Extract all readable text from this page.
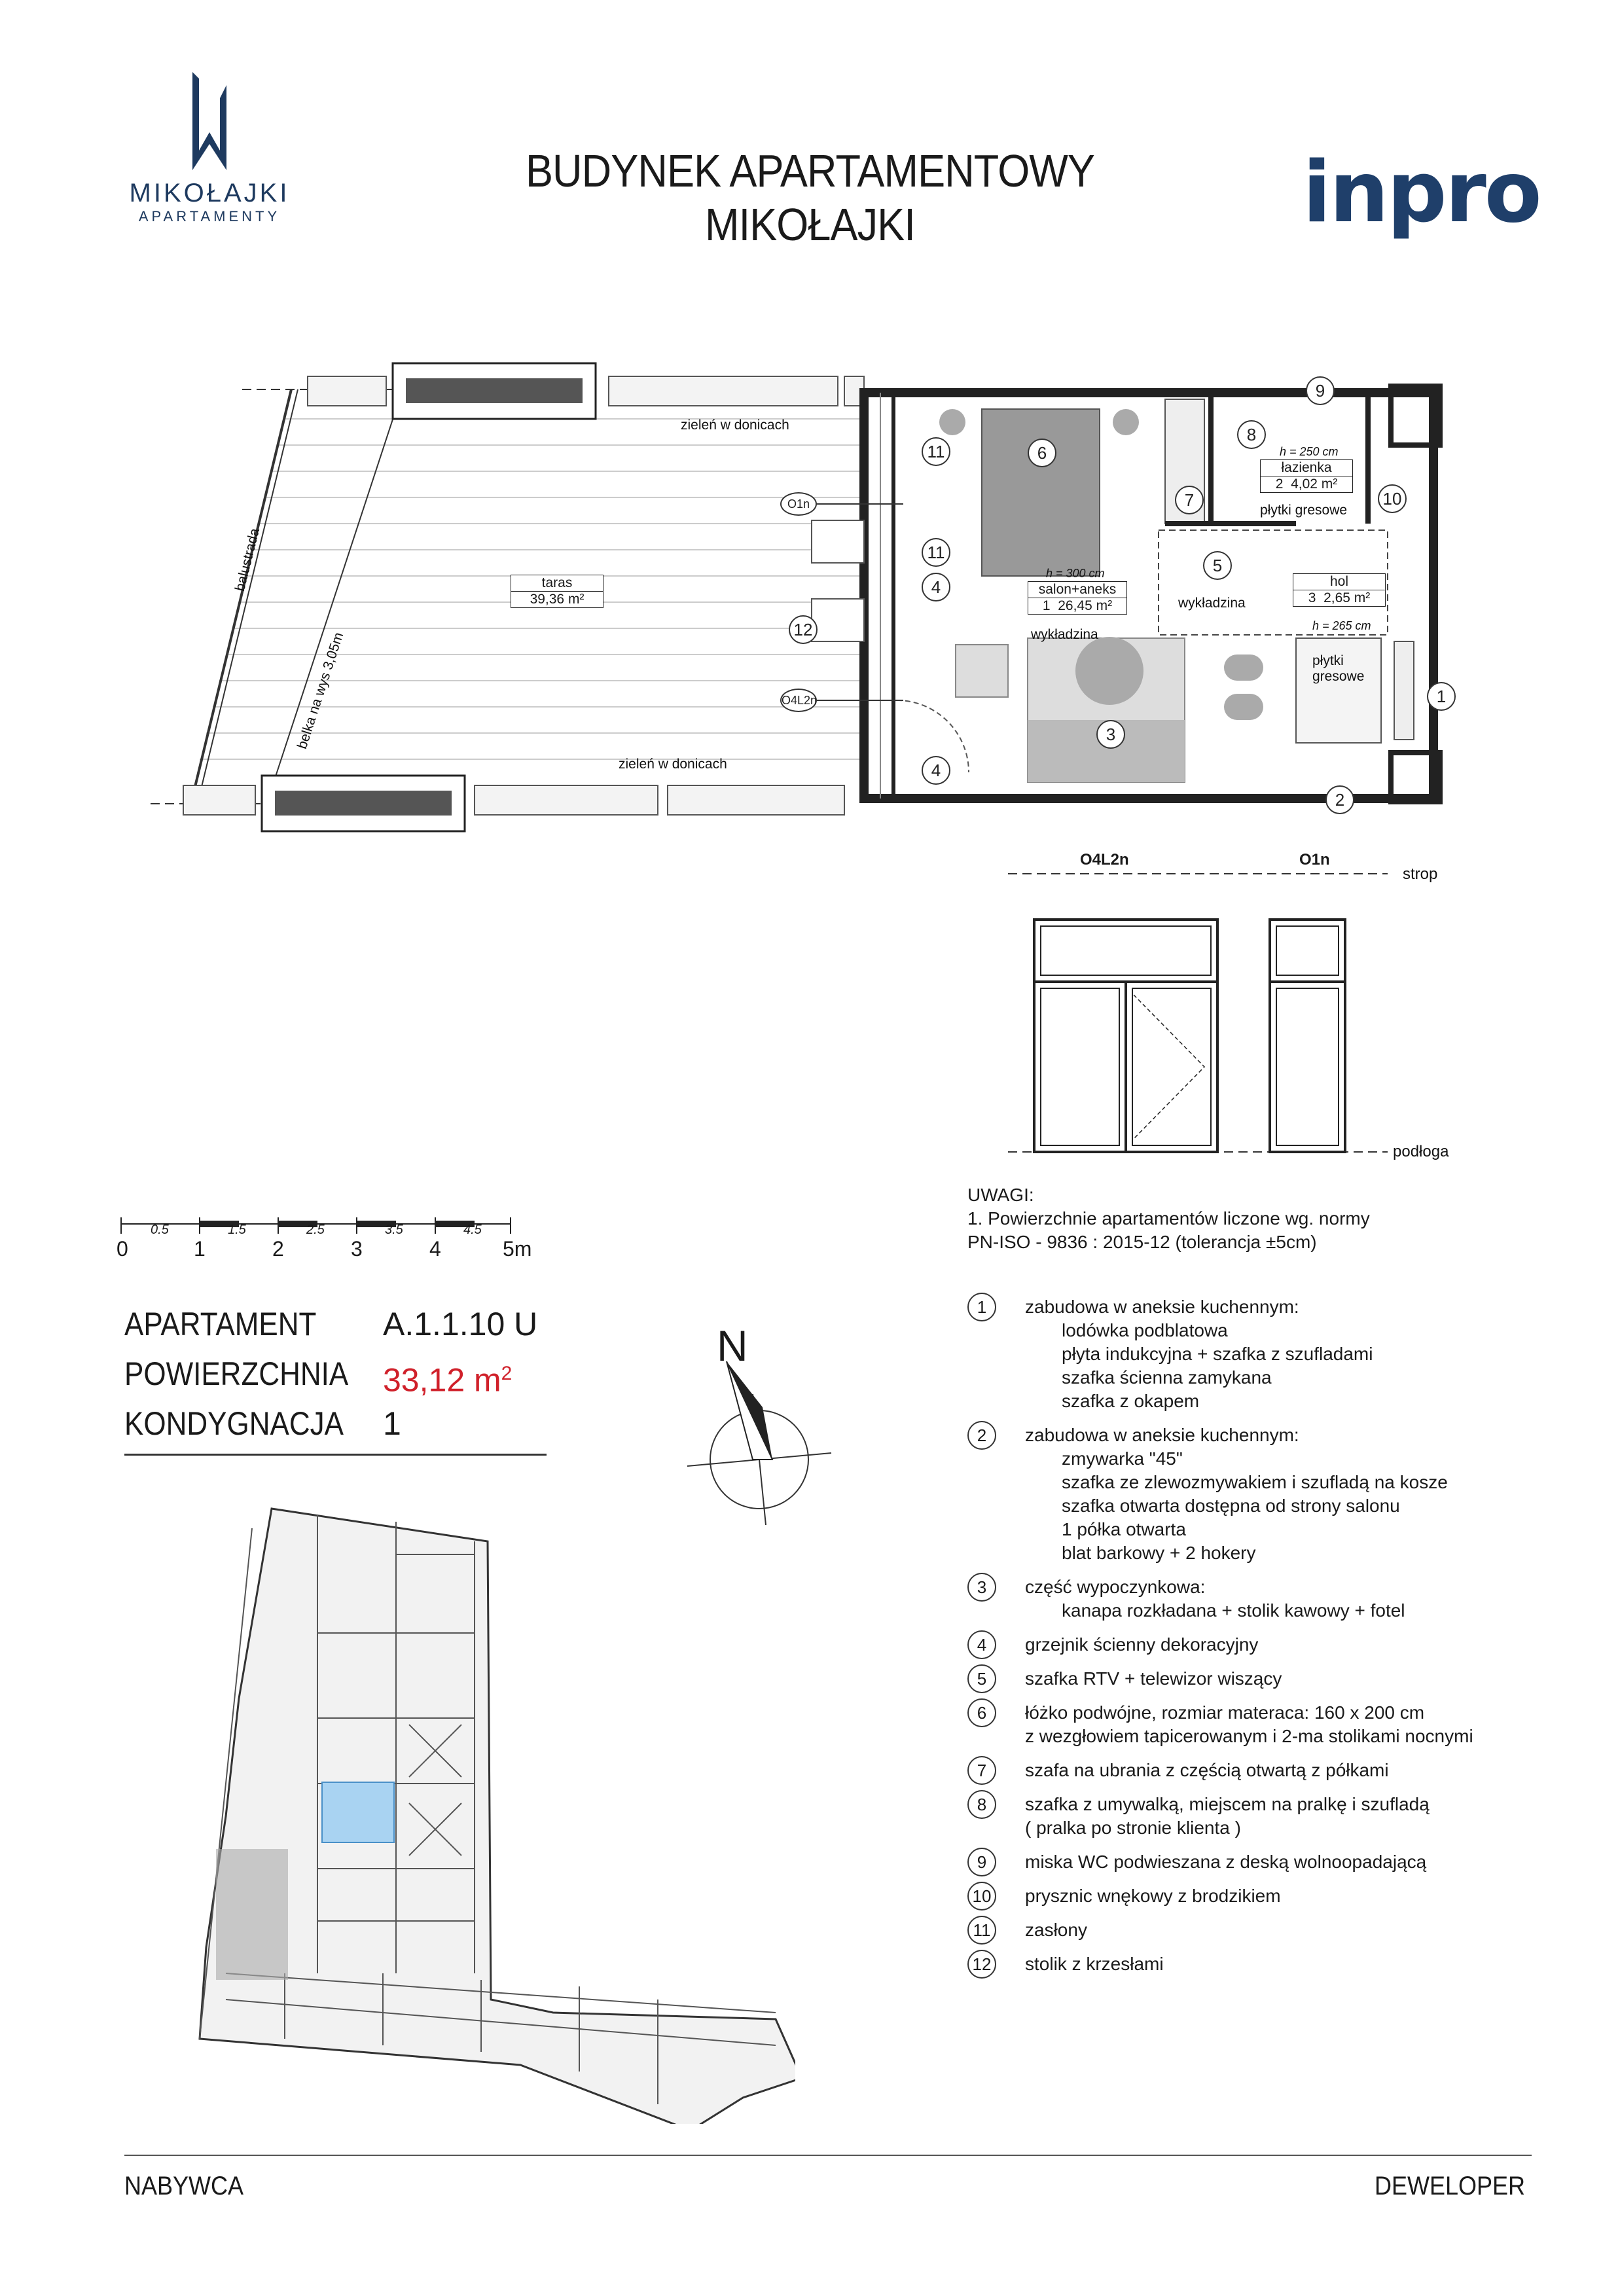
MIKOŁAJKI
APARTAMENTY
BUDYNEK APARTAMENTOWY
MIKOŁAJKI	inpro
zieleń w donicach
zieleń w donicach
balustrada
belka na wys 3,05m
taras
39,36 m²
h = 300 cm
salon+aneks
1 26,45 m²
wykładzina
h = 250 cm
łazienka
2 4,02 m²
płytki gresowe
hol
3 2,65 m²
h = 265 cm
wykładzina
płytki
gresowe
O1n
O4L2n	1
2
3
4
4
5
6
7
8
9
10
11
11
12
O4L2n	O1n
strop
podłoga
UWAGI:
1. Powierzchnie apartamentów liczone wg. normy
PN-ISO - 9836 : 2015-12 (tolerancja ±5cm)
0.5	1.5	2.5	3.5	4.5
0	1	2	3	4	5m
APARTAMENT A.1.1.10 U
POWIERZCHNIA 33,12 $m^2$
KONDYGNACJA 1
N
1	zabudowa w aneksie kuchennym:
lodówka podblatowa
płyta indukcyjna + szafka z szufladami
szafka ścienna zamykana
szafka z okapem
2	zabudowa w aneksie kuchennym:
zmywarka "45"
szafka ze zlewozmywakiem i szufladą na kosze
szafka otwarta dostępna od strony salonu
1 półka otwarta
blat barkowy + 2 hokery
3	część wypoczynkowa:
kanapa rozkładana + stolik kawowy + fotel
4	grzejnik ścienny dekoracyjny
5	szafka RTV + telewizor wiszący
6	łóżko podwójne, rozmiar materaca: 160 x 200 cm
z wezgłowiem tapicerowanym i 2-ma stolikami nocnymi
7	szafa na ubrania z częścią otwartą z półkami
8	szafka z umywalką, miejscem na pralkę i szufladą
( pralka po stronie klienta )
9	miska WC podwieszana z deską wolnoopadającą
10 prysznic wnękowy z brodzikiem
11	zasłony
12 stolik z krzesłami
NABYWCA	DEWELOPER
